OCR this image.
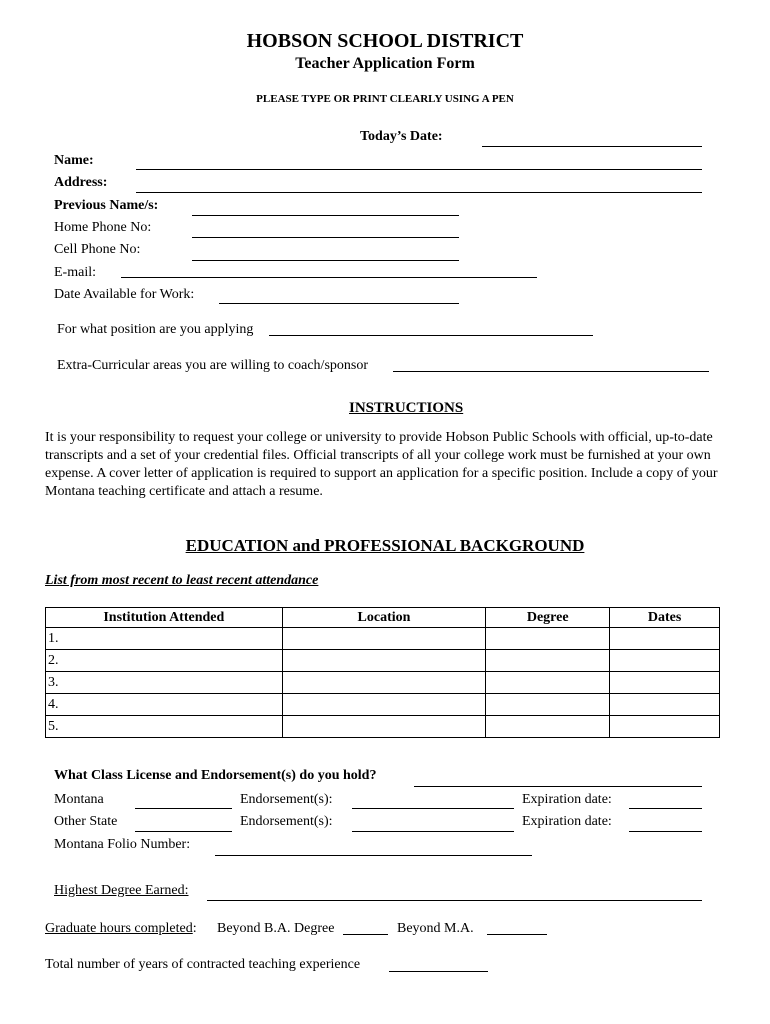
HOBSON SCHOOL DISTRICT
Teacher Application Form
PLEASE TYPE OR PRINT CLEARLY USING A PEN
Today’s Date:
Name:
Address:
Previous Name/s:
Home Phone No:
Cell Phone No:
E-mail:
Date Available for Work:
For what position are you applying
Extra-Curricular areas you are willing to coach/sponsor
INSTRUCTIONS
It is your responsibility to request your college or university to provide Hobson Public Schools with official, up-to-date transcripts and a set of your credential files. Official transcripts of all your college work must be furnished at your own expense. A cover letter of application is required to support an application for a specific position. Include a copy of your Montana teaching certificate and attach a resume.
EDUCATION and PROFESSIONAL BACKGROUND
List from most recent to least recent attendance
Institution Attended	Location	Degree	Dates
1.			
2.			
3.			
4.			
5.			
What Class License and Endorsement(s) do you hold?
Montana	Endorsement(s):	Expiration date:
Other State	Endorsement(s):	Expiration date:
Montana Folio Number:
Highest Degree Earned:
Graduate hours completed: Beyond B.A. Degree	Beyond M.A.
Total number of years of contracted teaching experience
